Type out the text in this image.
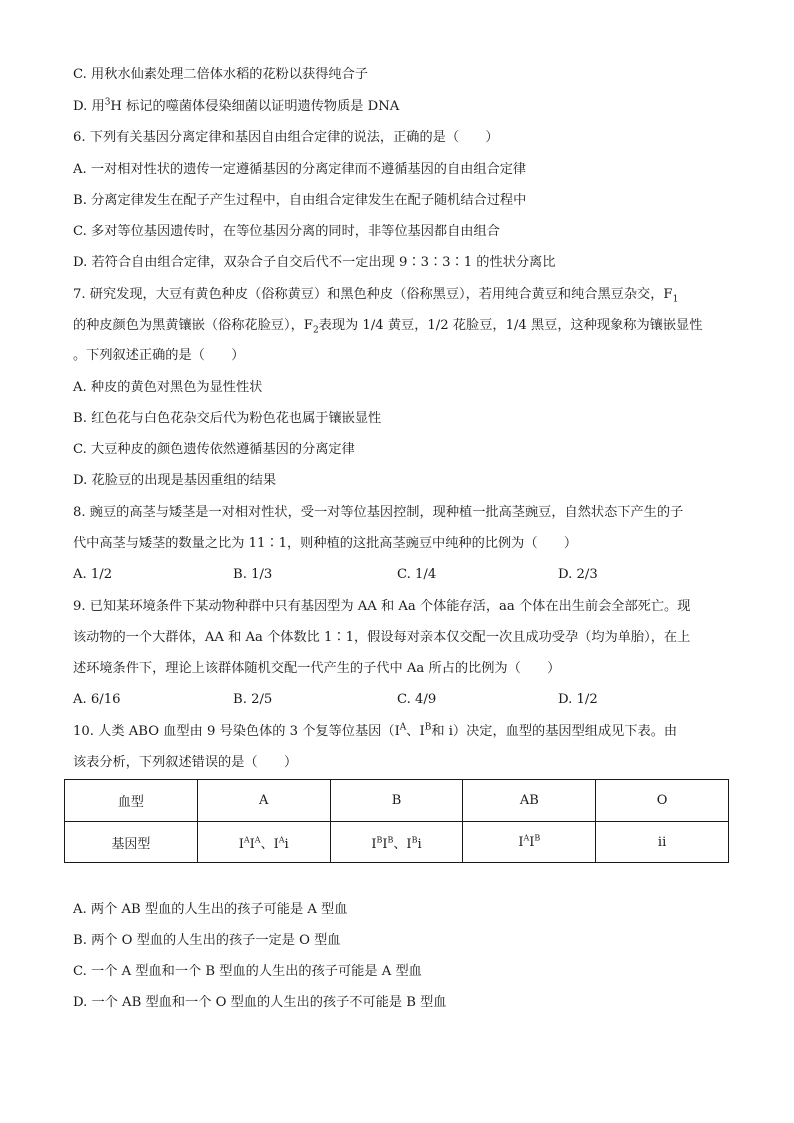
C. 用秋水仙素处理二倍体水稻的花粉以获得纯合子
D. 用$^3$H 标记的噬菌体侵染细菌以证明遗传物质是 DNA
6. 下列有关基因分离定律和基因自由组合定律的说法，正确的是（　　）
A. 一对相对性状的遗传一定遵循基因的分离定律而不遵循基因的自由组合定律
B. 分离定律发生在配子产生过程中，自由组合定律发生在配子随机结合过程中
C. 多对等位基因遗传时，在等位基因分离的同时，非等位基因都自由组合
D. 若符合自由组合定律，双杂合子自交后代不一定出现 9∶3∶3∶1 的性状分离比
7. 研究发现，大豆有黄色种皮（俗称黄豆）和黑色种皮（俗称黑豆），若用纯合黄豆和纯合黑豆杂交，$F_1$
的种皮颜色为黑黄镶嵌（俗称花脸豆），$F_2$表现为 1/4 黄豆，1/2 花脸豆，1/4 黑豆，这种现象称为镶嵌显性
。下列叙述正确的是（　　）
A. 种皮的黄色对黑色为显性性状
B. 红色花与白色花杂交后代为粉色花也属于镶嵌显性
C. 大豆种皮的颜色遗传依然遵循基因的分离定律
D. 花脸豆的出现是基因重组的结果
8. 豌豆的高茎与矮茎是一对相对性状，受一对等位基因控制，现种植一批高茎豌豆，自然状态下产生的子
代中高茎与矮茎的数量之比为 11∶1，则种植的这批高茎豌豆中纯种的比例为（　　）
A. 1/2	B. 1/3	C. 1/4	D. 2/3
9. 已知某环境条件下某动物种群中只有基因型为 AA 和 Aa 个体能存活，aa 个体在出生前会全部死亡。现
该动物的一个大群体，AA 和 Aa 个体数比 1∶1，假设每对亲本仅交配一次且成功受孕（均为单胎），在上
述环境条件下，理论上该群体随机交配一代产生的子代中 Aa 所占的比例为（　　）
A. 6/16	B. 2/5	C. 4/9	D. 1/2
10. 人类 ABO 血型由 9 号染色体的 3 个复等位基因（$I^A$、$I^B$和 i）决定，血型的基因型组成见下表。由
该表分析，下列叙述错误的是（　　）
血型	A	B	AB	O
基因型	$I^AI^A$、$I^Ai$	$I^BI^B$、$I^Bi$	$I^AI^B$	ii
A. 两个 AB 型血的人生出的孩子可能是 A 型血
B. 两个 O 型血的人生出的孩子一定是 O 型血
C. 一个 A 型血和一个 B 型血的人生出的孩子可能是 A 型血
D. 一个 AB 型血和一个 O 型血的人生出的孩子不可能是 B 型血
